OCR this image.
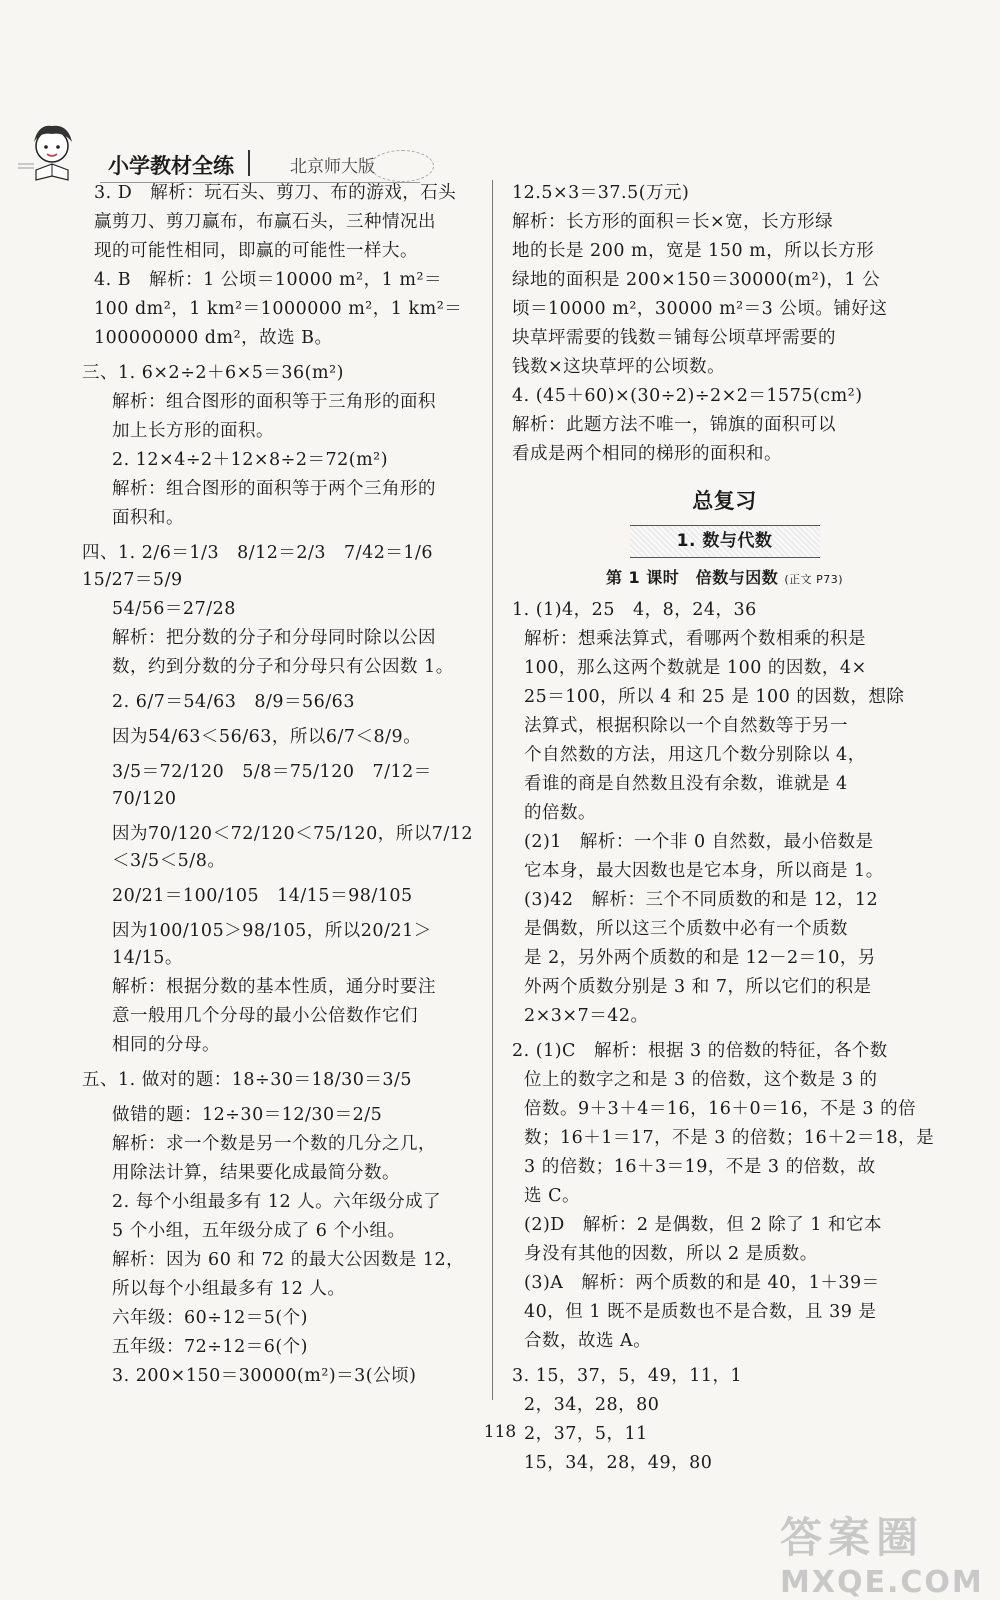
小学教材全练	北京师大版

3. D　解析：玩石头、剪刀、布的游戏，石头

赢剪刀、剪刀赢布，布赢石头，三种情况出

现的可能性相同，即赢的可能性一样大。

4. B　解析：1 公顷＝10000 m²，1 m²＝

100 dm²，1 km²＝1000000 m²，1 km²＝

100000000 dm²，故选 B。

三、1. 6×2÷2＋6×5＝36(m²)

解析：组合图形的面积等于三角形的面积

加上长方形的面积。

2. 12×4÷2＋12×8÷2＝72(m²)

解析：组合图形的面积等于两个三角形的

面积和。

四、1. 2/6＝1/3　8/12＝2/3　7/42＝1/6　15/27＝5/9

54/56＝27/28

解析：把分数的分子和分母同时除以公因

数，约到分数的分子和分母只有公因数 1。

2. 6/7＝54/63　8/9＝56/63

因为54/63＜56/63，所以6/7＜8/9。

3/5＝72/120　5/8＝75/120　7/12＝70/120

因为70/120＜72/120＜75/120，所以7/12＜3/5＜5/8。

20/21＝100/105　14/15＝98/105

因为100/105＞98/105，所以20/21＞14/15。

解析：根据分数的基本性质，通分时要注

意一般用几个分母的最小公倍数作它们

相同的分母。

五、1. 做对的题：18÷30＝18/30＝3/5

做错的题：12÷30＝12/30＝2/5

解析：求一个数是另一个数的几分之几，

用除法计算，结果要化成最简分数。

2. 每个小组最多有 12 人。六年级分成了

5 个小组，五年级分成了 6 个小组。

解析：因为 60 和 72 的最大公因数是 12，

所以每个小组最多有 12 人。

六年级：60÷12＝5(个)

五年级：72÷12＝6(个)

3. 200×150＝30000(m²)＝3(公顷)

12.5×3＝37.5(万元)

解析：长方形的面积＝长×宽，长方形绿

地的长是 200 m，宽是 150 m，所以长方形

绿地的面积是 200×150＝30000(m²)，1 公

顷＝10000 m²，30000 m²＝3 公顷。铺好这

块草坪需要的钱数＝铺每公顷草坪需要的

钱数×这块草坪的公顷数。

4. (45＋60)×(30÷2)÷2×2＝1575(cm²)

解析：此题方法不唯一，锦旗的面积可以

看成是两个相同的梯形的面积和。

总复习
1. 数与代数
第 1 课时　倍数与因数 (正文 P73)

1. (1)4，25　4，8，24，36

解析：想乘法算式，看哪两个数相乘的积是

100，那么这两个数就是 100 的因数，4×

25＝100，所以 4 和 25 是 100 的因数，想除

法算式，根据积除以一个自然数等于另一

个自然数的方法，用这几个数分别除以 4，

看谁的商是自然数且没有余数，谁就是 4

的倍数。

(2)1　解析：一个非 0 自然数，最小倍数是

它本身，最大因数也是它本身，所以商是 1。

(3)42　解析：三个不同质数的和是 12，12

是偶数，所以这三个质数中必有一个质数

是 2，另外两个质数的和是 12－2＝10，另

外两个质数分别是 3 和 7，所以它们的积是

2×3×7＝42。

2. (1)C　解析：根据 3 的倍数的特征，各个数

位上的数字之和是 3 的倍数，这个数是 3 的

倍数。9＋3＋4＝16，16＋0＝16，不是 3 的倍

数；16＋1＝17，不是 3 的倍数；16＋2＝18，是

3 的倍数；16＋3＝19，不是 3 的倍数，故

选 C。

(2)D　解析：2 是偶数，但 2 除了 1 和它本

身没有其他的因数，所以 2 是质数。

(3)A　解析：两个质数的和是 40，1＋39＝

40，但 1 既不是质数也不是合数，且 39 是

合数，故选 A。

3. 15，37，5，49，11，1

2，34，28，80

2，37，5，11

15，34，28，49，80

118
答案圈
MXQE.COM
